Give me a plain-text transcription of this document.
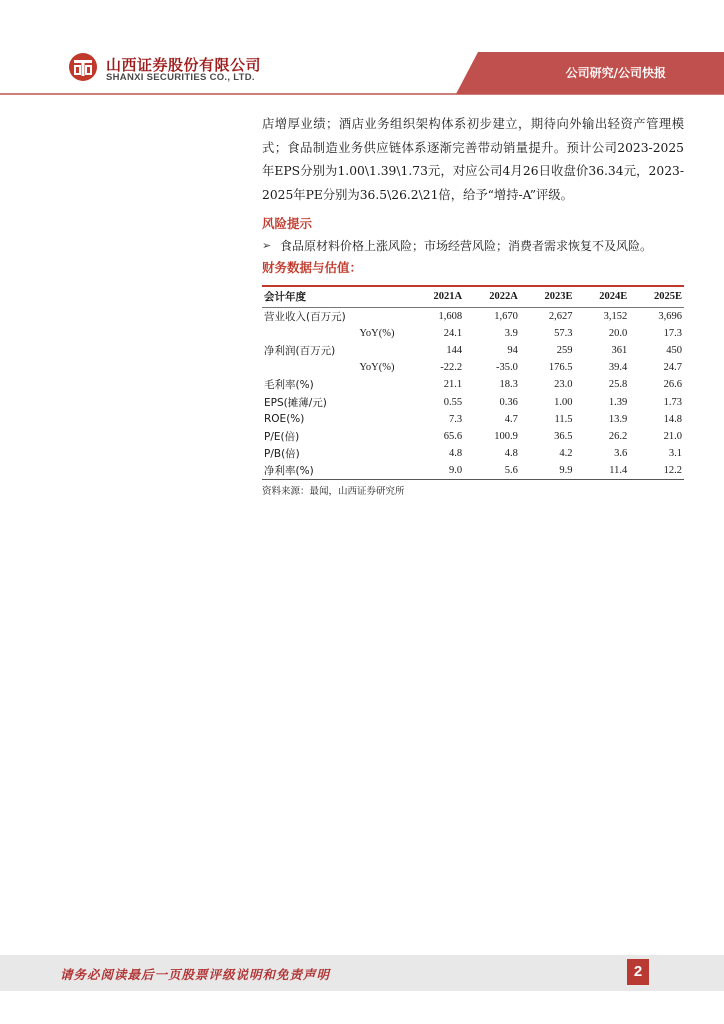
山西证券股份有限公司
SHANXI SECURITIES CO., LTD.	公司研究/公司快报

店增厚业绩；酒店业务组织架构体系初步建立，期待向外输出轻资产管理模式；食品制造业务供应链体系逐渐完善带动销量提升。预计公司2023-2025年EPS分别为1.00\1.39\1.73元，对应公司4月26日收盘价36.34元，2023-2025年PE分别为36.5\26.2\21倍，给予“增持-A”评级。

风险提示

➢ 食品原材料价格上涨风险；市场经营风险；消费者需求恢复不及风险。

财务数据与估值：

会计年度	2021A	2022A	2023E	2024E	2025E
营业收入(百万元)	1,608	1,670	2,627	3,152	3,696
YoY(%)	24.1	3.9	57.3	20.0	17.3
净利润(百万元)	144	94	259	361	450
YoY(%)	-22.2	-35.0	176.5	39.4	24.7
毛利率(%)	21.1	18.3	23.0	25.8	26.6
EPS(摊薄/元)	0.55	0.36	1.00	1.39	1.73
ROE(%)	7.3	4.7	11.5	13.9	14.8
P/E(倍)	65.6	100.9	36.5	26.2	21.0
P/B(倍)	4.8	4.8	4.2	3.6	3.1
净利率(%)	9.0	5.6	9.9	11.4	12.2
资料来源：最闻，山西证券研究所
请务必阅读最后一页股票评级说明和免责声明	2
